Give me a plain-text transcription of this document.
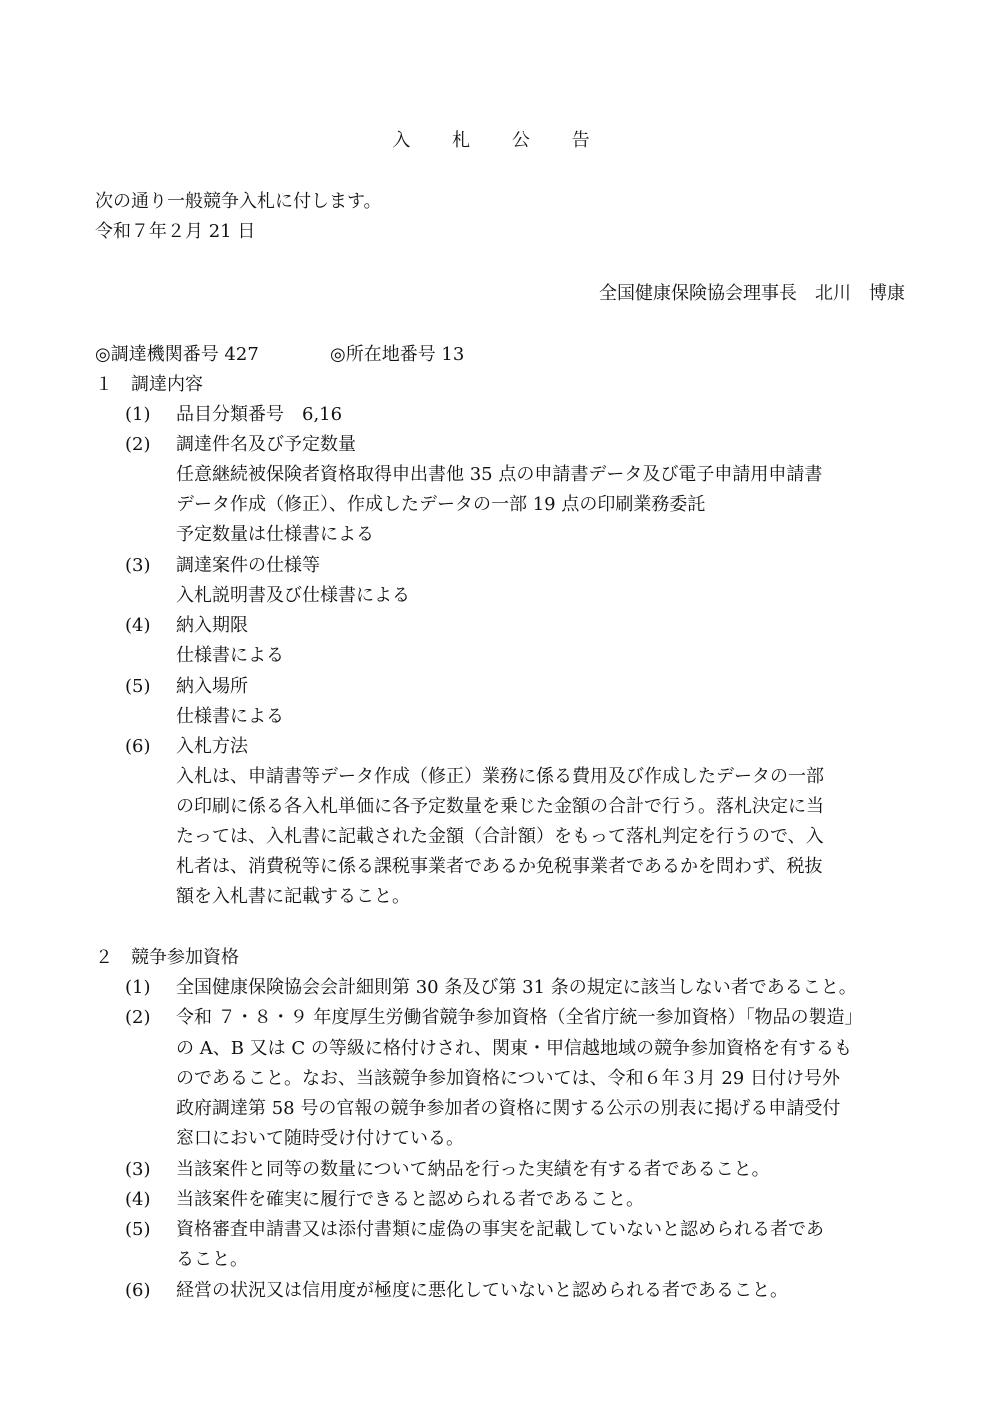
入 札 公 告
次の通り一般競争入札に付します。
令和７年２月 21 日
全国健康保険協会理事長　北川　博康
◎調達機関番号 427	◎所在地番号 13
１　調達内容
(1) 品目分類番号　6,16
(2) 調達件名及び予定数量
任意継続被保険者資格取得申出書他 35 点の申請書データ及び電子申請用申請書
データ作成（修正）、作成したデータの一部 19 点の印刷業務委託
予定数量は仕様書による
(3) 調達案件の仕様等
入札説明書及び仕様書による
(4) 納入期限
仕様書による
(5) 納入場所
仕様書による
(6) 入札方法
入札は、申請書等データ作成（修正）業務に係る費用及び作成したデータの一部
の印刷に係る各入札単価に各予定数量を乗じた金額の合計で行う。落札決定に当
たっては、入札書に記載された金額（合計額）をもって落札判定を行うので、入
札者は、消費税等に係る課税事業者であるか免税事業者であるかを問わず、税抜
額を入札書に記載すること。
２　競争参加資格
(1) 全国健康保険協会会計細則第 30 条及び第 31 条の規定に該当しない者であること。
(2) 令和 ７・８・９ 年度厚生労働省競争参加資格（全省庁統一参加資格）「物品の製造」
の A、B 又は C の等級に格付けされ、関東・甲信越地域の競争参加資格を有するも
のであること。なお、当該競争参加資格については、令和６年３月 29 日付け号外
政府調達第 58 号の官報の競争参加者の資格に関する公示の別表に掲げる申請受付
窓口において随時受け付けている。
(3) 当該案件と同等の数量について納品を行った実績を有する者であること。
(4) 当該案件を確実に履行できると認められる者であること。
(5) 資格審査申請書又は添付書類に虚偽の事実を記載していないと認められる者であ
ること。
(6) 経営の状況又は信用度が極度に悪化していないと認められる者であること。
